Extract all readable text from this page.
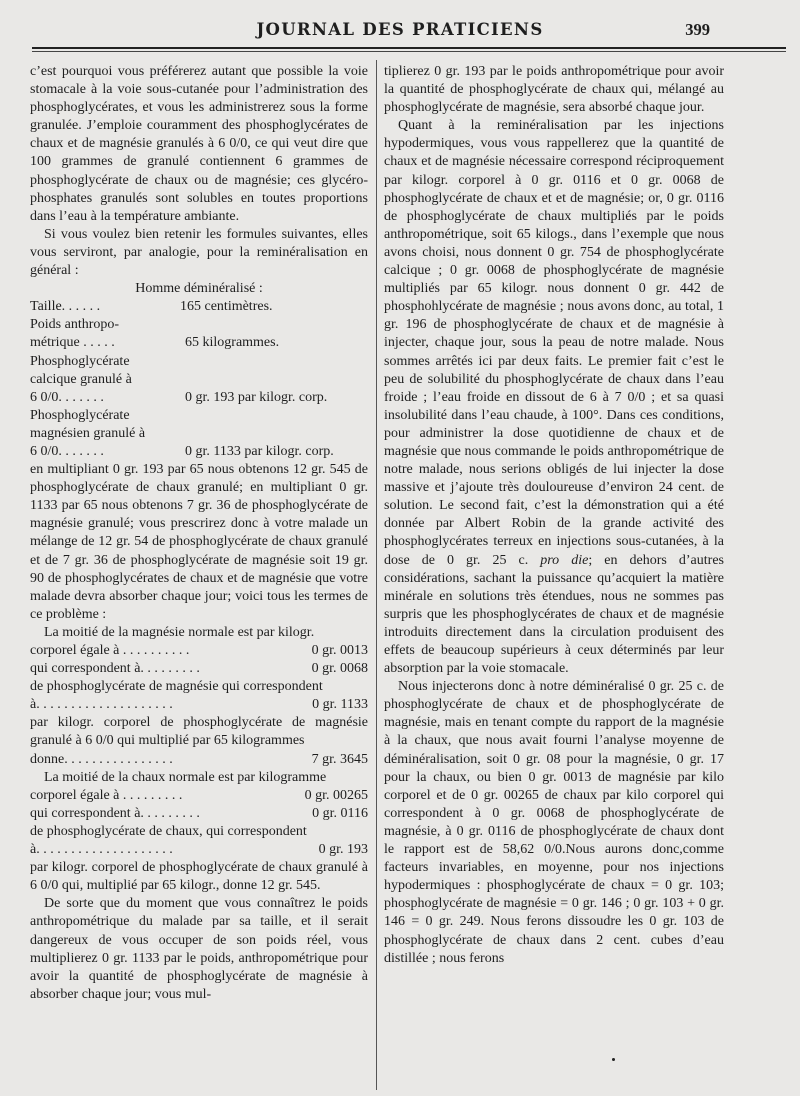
JOURNAL DES PRATICIENS	399

c’est pourquoi vous préférerez autant que possible la voie stomacale à la voie sous-cutanée pour l’administration des phosphoglycérates, et vous les administrerez sous la forme granulée. J’emploie couramment des phosphoglycérates de chaux et de magnésie granulés à 6 0/0, ce qui veut dire que 100 grammes de granulé contiennent 6 grammes de phosphoglycérate de chaux ou de magnésie; ces glycéro-phosphates granulés sont solubles en toutes proportions dans l’eau à la température ambiante.

Si vous voulez bien retenir les formules suivantes, elles vous serviront, par analogie, pour la reminéralisation en général :

Homme déminéralisé :

Taille. . . . . .	165 centimètres.
Poids anthropo-
métrique . . . . .	65 kilogrammes.
Phosphoglycérate
calcique granulé à
6 0/0. . . . . . .	0 gr. 193 par kilogr. corp.
Phosphoglycérate
magnésien granulé à
6 0/0. . . . . . .	0 gr. 1133 par kilogr. corp.

en multipliant 0 gr. 193 par 65 nous obtenons 12 gr. 545 de phosphoglycérate de chaux granulé; en multipliant 0 gr. 1133 par 65 nous obtenons 7 gr. 36 de phosphoglycérate de magnésie granulé; vous prescrirez donc à votre malade un mélange de 12 gr. 54 de phosphoglycérate de chaux granulé et de 7 gr. 36 de phosphoglycérate de magnésie soit 19 gr. 90 de phosphoglycérates de chaux et de magnésie que votre malade devra absorber chaque jour; voici tous les termes de ce problème :

La moitié de la magnésie normale est par kilogr.

corporel égale à . . . . . . . . . .	0 gr. 0013
qui correspondent à. . . . . . . . .	0 gr. 0068

de phosphoglycérate de magnésie qui correspondent

à. . . . . . . . . . . . . . . . . . . .	0 gr. 1133

par kilogr. corporel de phosphoglycérate de magnésie granulé à 6 0/0 qui multiplié par 65 kilogrammes

donne. . . . . . . . . . . . . . . .	7 gr. 3645

La moitié de la chaux normale est par kilogramme

corporel égale à . . . . . . . . .	0 gr. 00265
qui correspondent à. . . . . . . . .	0 gr. 0116

de phosphoglycérate de chaux, qui correspondent

à. . . . . . . . . . . . . . . . . . . .	0 gr. 193

par kilogr. corporel de phosphoglycérate de chaux granulé à 6 0/0 qui, multiplié par 65 kilogr., donne 12 gr. 545.

De sorte que du moment que vous connaîtrez le poids anthropométrique du malade par sa taille, et il serait dangereux de vous occuper de son poids réel, vous multiplierez 0 gr. 1133 par le poids, anthropométrique pour avoir la quantité de phosphoglycérate de magnésie à absorber chaque jour; vous mul-

tiplierez 0 gr. 193 par le poids anthropométrique pour avoir la quantité de phosphoglycérate de chaux qui, mélangé au phosphoglycérate de magnésie, sera absorbé chaque jour.

Quant à la reminéralisation par les injections hypodermiques, vous vous rappellerez que la quantité de chaux et de magnésie nécessaire correspond réciproquement par kilogr. corporel à 0 gr. 0116 et 0 gr. 0068 de phosphoglycérate de chaux et et de magnésie; or, 0 gr. 0116 de phosphoglycérate de chaux multipliés par le poids anthropométrique, soit 65 kilogs., dans l’exemple que nous avons choisi, nous donnent 0 gr. 754 de phosphoglycérate calcique ; 0 gr. 0068 de phosphoglycérate de magnésie multipliés par 65 kilogr. nous donnent 0 gr. 442 de phosphohlycérate de magnésie ; nous avons donc, au total, 1 gr. 196 de phosphoglycérate de chaux et de magnésie à injecter, chaque jour, sous la peau de notre malade. Nous sommes arrêtés ici par deux faits. Le premier fait c’est le peu de solubilité du phosphoglycérate de chaux dans l’eau froide ; l’eau froide en dissout de 6 à 7 0/0 ; et sa quasi insolubilité dans l’eau chaude, à 100°. Dans ces conditions, pour administrer la dose quotidienne de chaux et de magnésie que nous commande le poids anthropométrique de notre malade, nous serions obligés de lui injecter la dose massive et j’ajoute très douloureuse d’environ 24 cent. de solution. Le second fait, c’est la démonstration qui a été donnée par Albert Robin de la grande activité des phosphoglycérates terreux en injections sous-cutanées, à la dose de 0 gr. 25 c. pro die; en dehors d’autres considérations, sachant la puissance qu’acquiert la matière minérale en solutions très étendues, nous ne sommes pas surpris que les phosphoglycérates de chaux et de magnésie introduits directement dans la circulation produisent des effets de beaucoup supérieurs à ceux déterminés par leur absorption par la voie stomacale.

Nous injecterons donc à notre déminéralisé 0 gr. 25 c. de phosphoglycérate de chaux et de phosphoglycérate de magnésie, mais en tenant compte du rapport de la magnésie à la chaux, que nous avait fourni l’analyse moyenne de déminéralisation, soit 0 gr. 08 pour la magnésie, 0 gr. 17 pour la chaux, ou bien 0 gr. 0013 de magnésie par kilo corporel et de 0 gr. 00265 de chaux par kilo corporel qui correspondent à 0 gr. 0068 de phosphoglycérate de magnésie, à 0 gr. 0116 de phosphoglycérate de chaux dont le rapport est de 58,62 0/0.Nous aurons donc,comme facteurs invariables, en moyenne, pour nos injections hypodermiques : phosphoglycérate de chaux = 0 gr. 103; phosphoglycérate de magnésie = 0 gr. 146 ; 0 gr. 103 + 0 gr. 146 = 0 gr. 249. Nous ferons dissoudre les 0 gr. 103 de phosphoglycérate de chaux dans 2 cent. cubes d’eau distillée ; nous ferons
